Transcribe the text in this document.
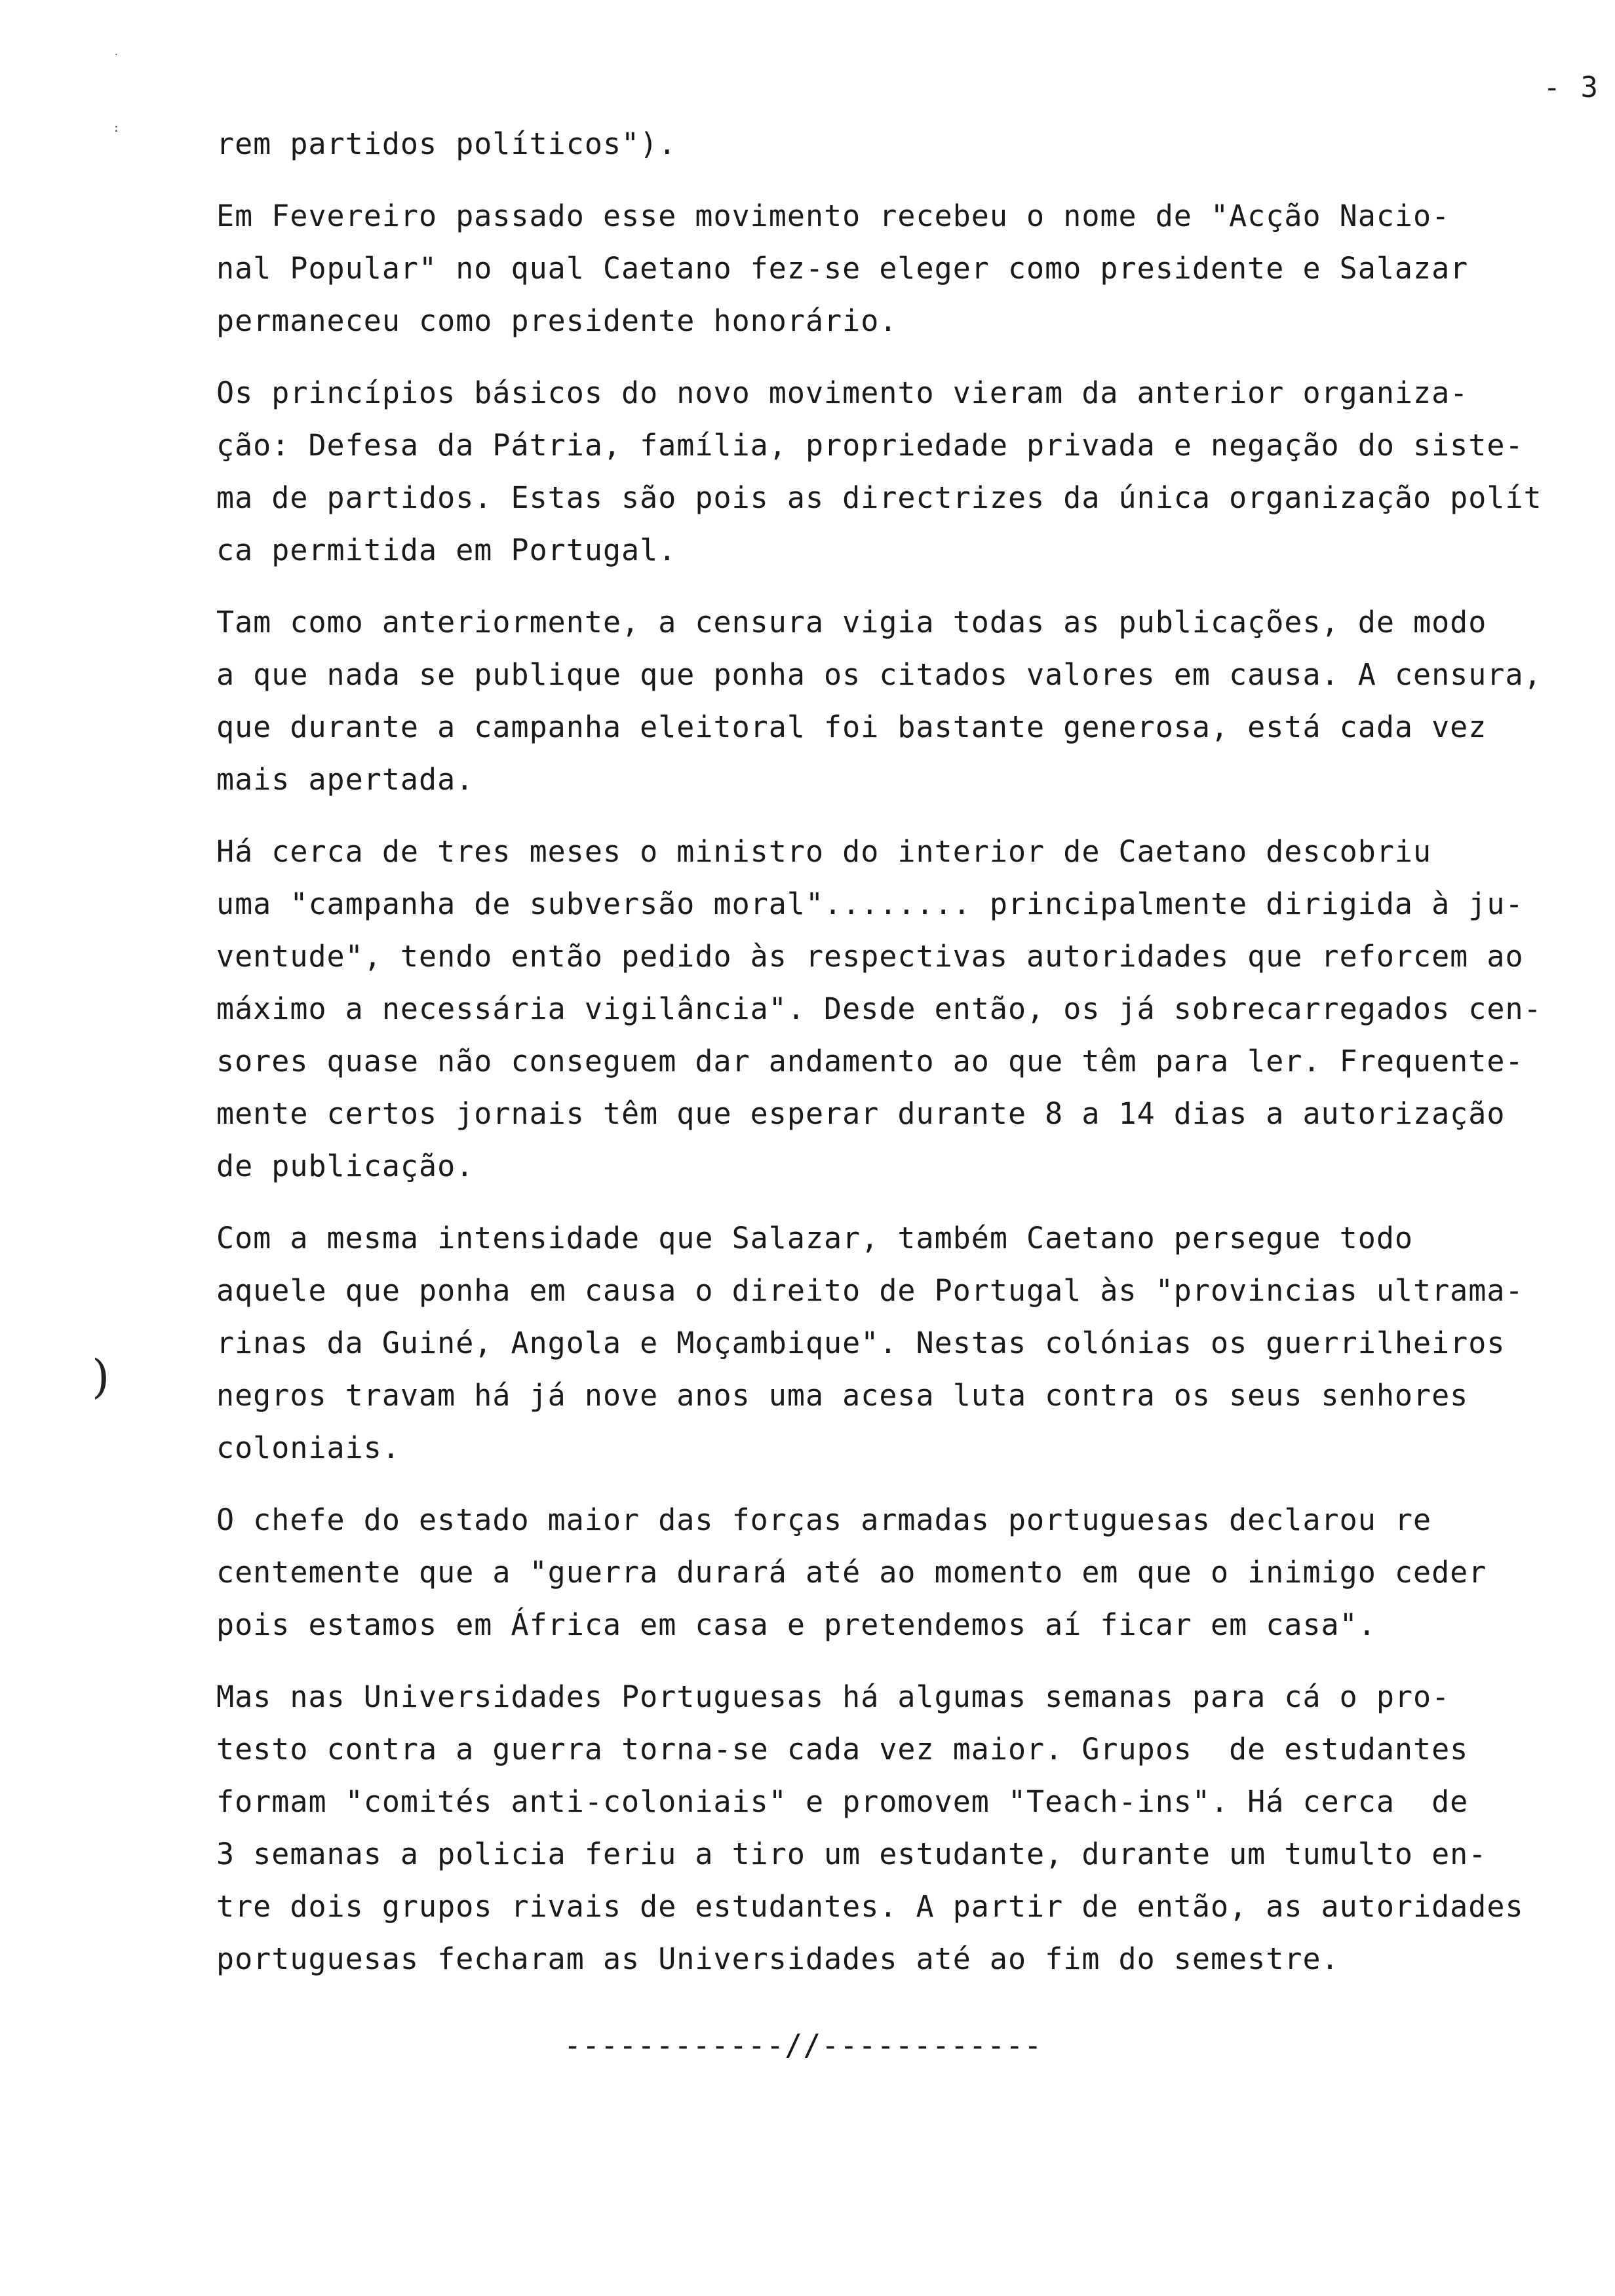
˙
:
)
- 3
rem partidos políticos").
Em Fevereiro passado esse movimento recebeu o nome de "Acção Nacio-
nal Popular" no qual Caetano fez-se eleger como presidente e Salazar
permaneceu como presidente honorário.
Os princípios básicos do novo movimento vieram da anterior organiza-
ção: Defesa da Pátria, família, propriedade privada e negação do siste-
ma de partidos. Estas são pois as directrizes da única organização polít
ca permitida em Portugal.
Tam como anteriormente, a censura vigia todas as publicações, de modo
a que nada se publique que ponha os citados valores em causa. A censura,
que durante a campanha eleitoral foi bastante generosa, está cada vez
mais apertada.
Há cerca de tres meses o ministro do interior de Caetano descobriu
uma "campanha de subversão moral"........ principalmente dirigida à ju-
ventude", tendo então pedido às respectivas autoridades que reforcem ao
máximo a necessária vigilância". Desde então, os já sobrecarregados cen-
sores quase não conseguem dar andamento ao que têm para ler. Frequente-
mente certos jornais têm que esperar durante 8 a 14 dias a autorização
de publicação.
Com a mesma intensidade que Salazar, também Caetano persegue todo
aquele que ponha em causa o direito de Portugal às "provincias ultrama-
rinas da Guiné, Angola e Moçambique". Nestas colónias os guerrilheiros
negros travam há já nove anos uma acesa luta contra os seus senhores
coloniais.
O chefe do estado maior das forças armadas portuguesas declarou re
centemente que a "guerra durará até ao momento em que o inimigo ceder
pois estamos em África em casa e pretendemos aí ficar em casa".
Mas nas Universidades Portuguesas há algumas semanas para cá o pro-
testo contra a guerra torna-se cada vez maior. Grupos  de estudantes
formam "comités anti-coloniais" e promovem "Teach-ins". Há cerca  de
3 semanas a policia feriu a tiro um estudante, durante um tumulto en-
tre dois grupos rivais de estudantes. A partir de então, as autoridades
portuguesas fecharam as Universidades até ao fim do semestre.
------------//------------
